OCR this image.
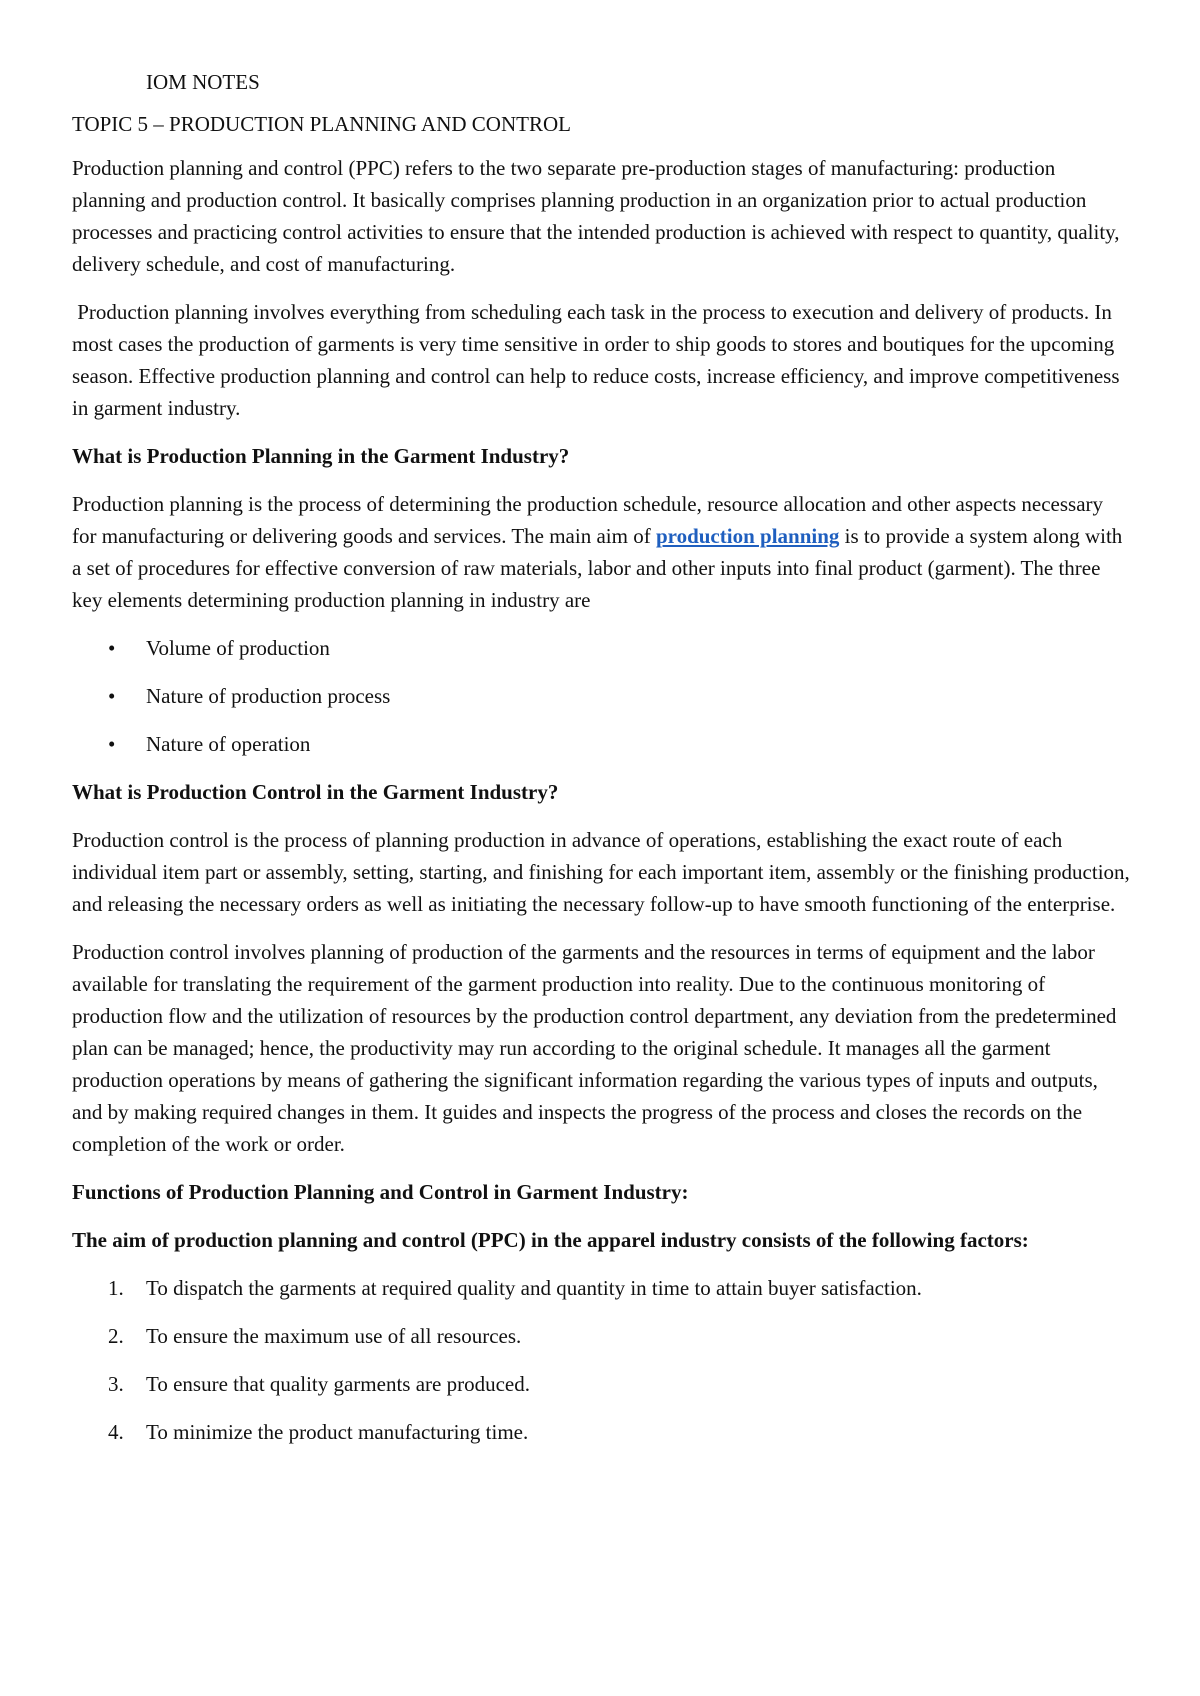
IOM NOTES
TOPIC 5 – PRODUCTION PLANNING AND CONTROL

Production planning and control (PPC) refers to the two separate pre-production stages of manufacturing: production planning and production control. It basically comprises planning production in an organization prior to actual production processes and practicing control activities to ensure that the intended production is achieved with respect to quantity, quality, delivery schedule, and cost of manufacturing.

Production planning involves everything from scheduling each task in the process to execution and delivery of products. In most cases the production of garments is very time sensitive in order to ship goods to stores and boutiques for the upcoming season. Effective production planning and control can help to reduce costs, increase efficiency, and improve competitiveness in garment industry.

What is Production Planning in the Garment Industry?

Production planning is the process of determining the production schedule, resource allocation and other aspects necessary for manufacturing or delivering goods and services. The main aim of production planning is to provide a system along with a set of procedures for effective conversion of raw materials, labor and other inputs into final product (garment). The three key elements determining production planning in industry are

• Volume of production
• Nature of production process
• Nature of operation
What is Production Control in the Garment Industry?

Production control is the process of planning production in advance of operations, establishing the exact route of each individual item part or assembly, setting, starting, and finishing for each important item, assembly or the finishing production, and releasing the necessary orders as well as initiating the necessary follow-up to have smooth functioning of the enterprise.

Production control involves planning of production of the garments and the resources in terms of equipment and the labor available for translating the requirement of the garment production into reality. Due to the continuous monitoring of production flow and the utilization of resources by the production control department, any deviation from the predetermined plan can be managed; hence, the productivity may run according to the original schedule. It manages all the garment production operations by means of gathering the significant information regarding the various types of inputs and outputs, and by making required changes in them. It guides and inspects the progress of the process and closes the records on the completion of the work or order.

Functions of Production Planning and Control in Garment Industry:
The aim of production planning and control (PPC) in the apparel industry consists of the following factors:
1. To dispatch the garments at required quality and quantity in time to attain buyer satisfaction.
2. To ensure the maximum use of all resources.
3. To ensure that quality garments are produced.
4. To minimize the product manufacturing time.
